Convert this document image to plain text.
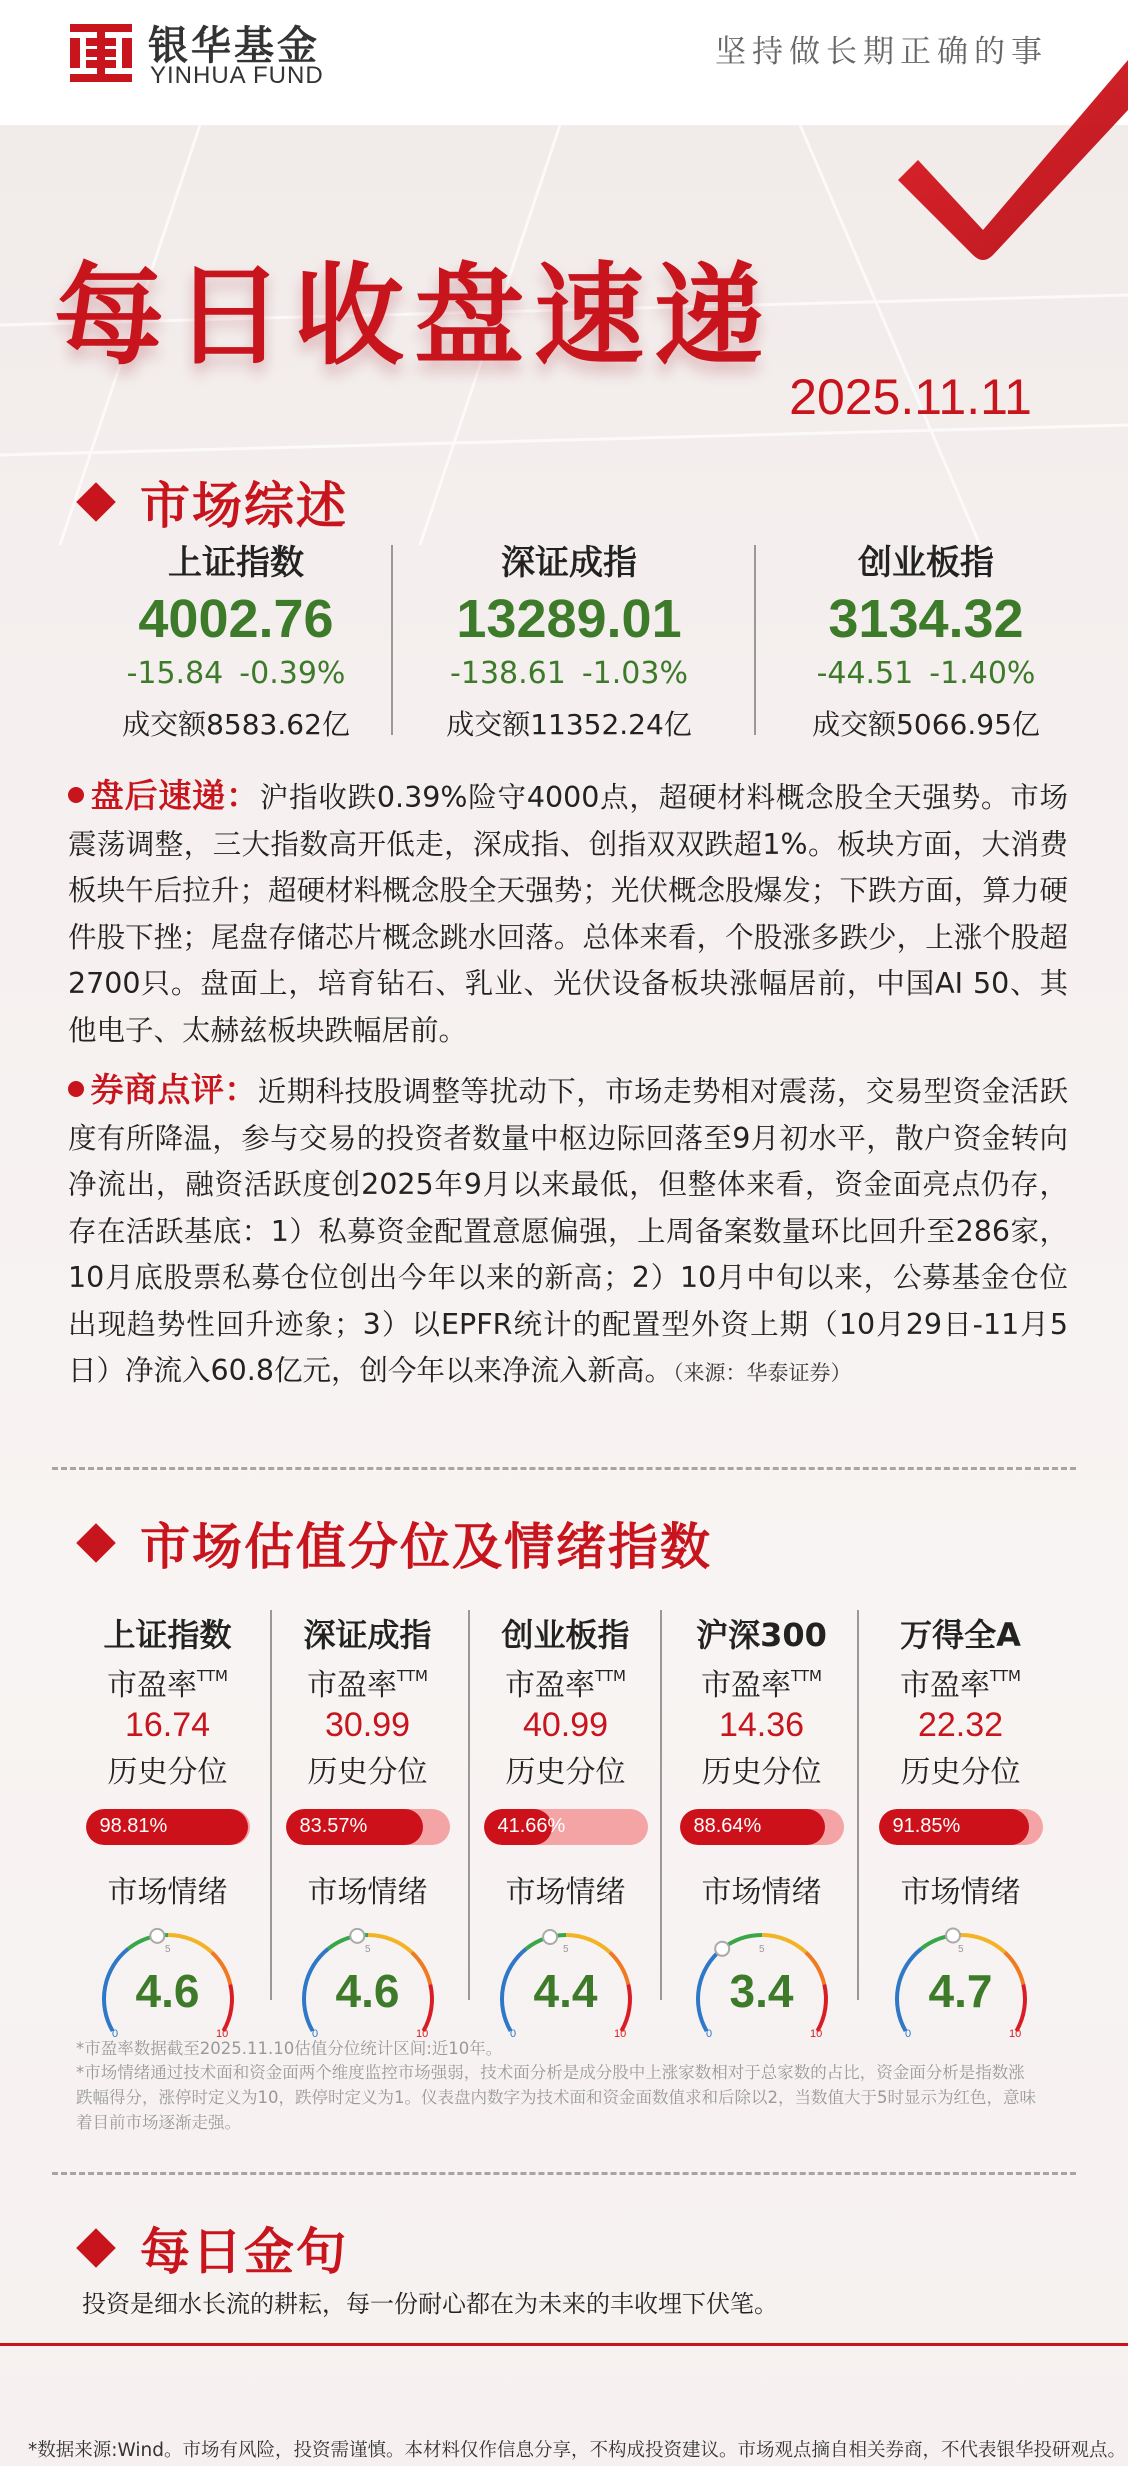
银华基金
YINHUA FUND
坚持做长期正确的事
每日收盘速递
2025.11.11
市场综述
上证指数
4002.76
-15.84 -0.39%
成交额8583.62亿
深证成指
13289.01
-138.61 -1.03%
成交额11352.24亿
创业板指
3134.32
-44.51 -1.40%
成交额5066.95亿
盘后速递：沪指收跌0.39%险守4000点，超硬材料概念股全天强势。市场震荡调整，三大指数高开低走，深成指、创指双双跌超1%。板块方面，大消费板块午后拉升；超硬材料概念股全天强势；光伏概念股爆发；下跌方面，算力硬件股下挫；尾盘存储芯片概念跳水回落。总体来看，个股涨多跌少，上涨个股超2700只。盘面上，培育钻石、乳业、光伏设备板块涨幅居前，中国AI 50、其他电子、太赫兹板块跌幅居前。
券商点评：近期科技股调整等扰动下，市场走势相对震荡，交易型资金活跃度有所降温，参与交易的投资者数量中枢边际回落至9月初水平，散户资金转向净流出，融资活跃度创2025年9月以来最低，但整体来看，资金面亮点仍存，存在活跃基底：1）私募资金配置意愿偏强，上周备案数量环比回升至286家，10月底股票私募仓位创出今年以来的新高；2）10月中旬以来，公募基金仓位出现趋势性回升迹象；3）以EPFR统计的配置型外资上期（10月29日-11月5日）净流入60.8亿元，创今年以来净流入新高。（来源：华泰证券）
市场估值分位及情绪指数
上证指数
市盈率$^{TTM}$
16.74
历史分位
98.81%
市场情绪
0
5
10
4.6
深证成指
市盈率$^{TTM}$
30.99
历史分位
83.57%
市场情绪
0
5
10
4.6
创业板指
市盈率$^{TTM}$
40.99
历史分位
41.66%
市场情绪
0
5
10
4.4
沪深300
市盈率$^{TTM}$
14.36
历史分位
88.64%
市场情绪
0
5
10
3.4
万得全A
市盈率$^{TTM}$
22.32
历史分位
91.85%
市场情绪
0
5
10
4.7
*市盈率数据截至2025.11.10估值分位统计区间:近10年。
*市场情绪通过技术面和资金面两个维度监控市场强弱，技术面分析是成分股中上涨家数相对于总家数的占比，资金面分析是指数涨跌幅得分，涨停时定义为10，跌停时定义为1。仪表盘内数字为技术面和资金面数值求和后除以2，当数值大于5时显示为红色，意味着目前市场逐渐走强。
每日金句
投资是细水长流的耕耘，每一份耐心都在为未来的丰收埋下伏笔。
*数据来源:Wind。市场有风险，投资需谨慎。本材料仅作信息分享，不构成投资建议。市场观点摘自相关券商，不代表银华投研观点。
